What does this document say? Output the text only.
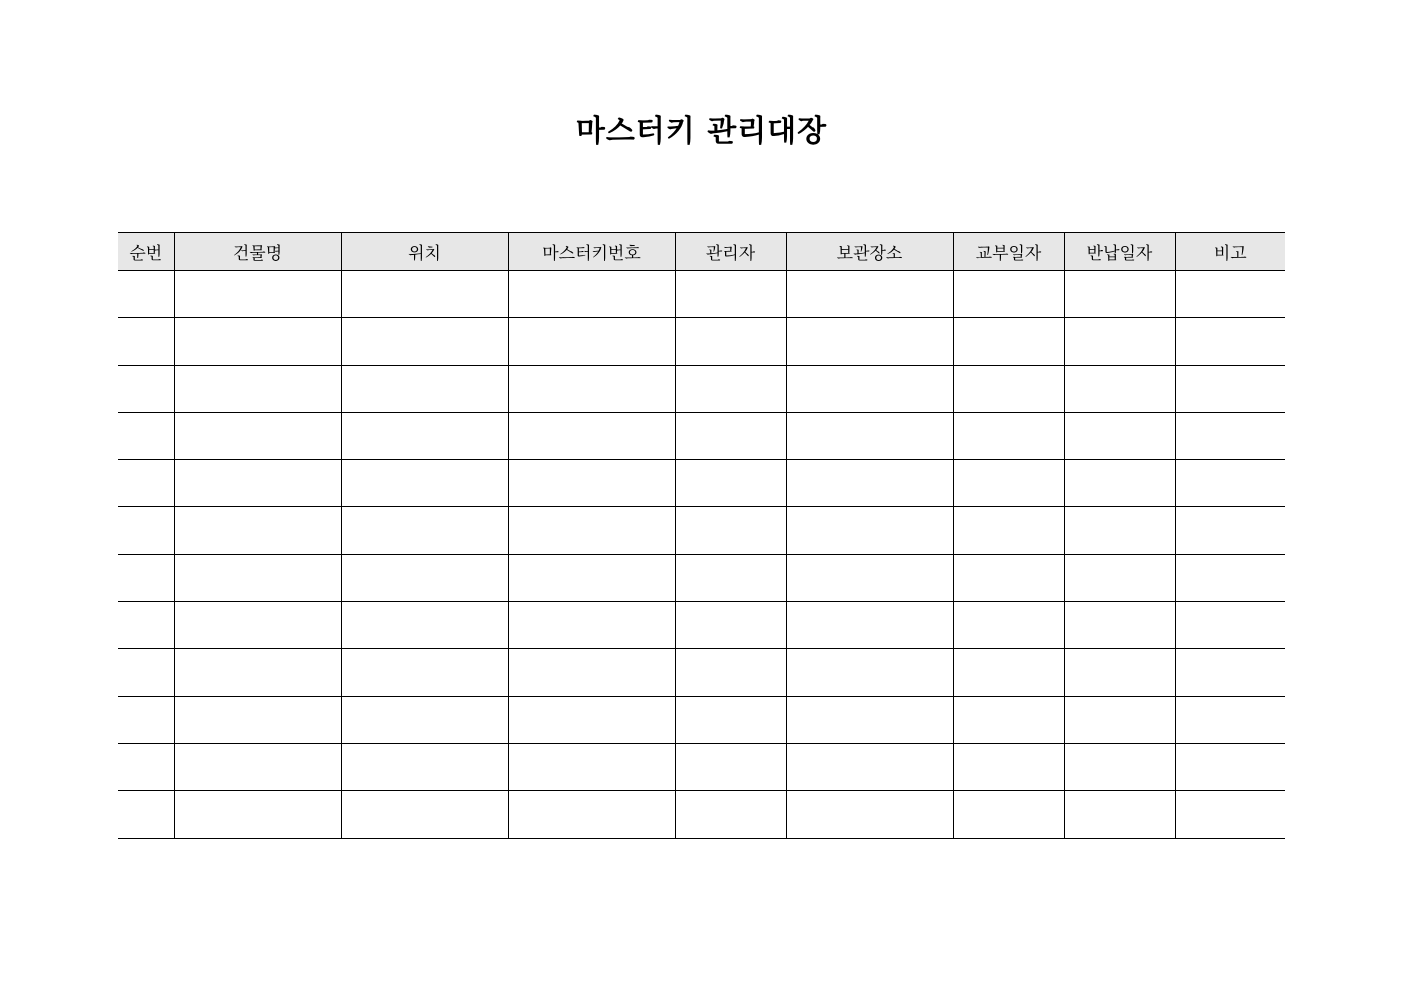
마스터키 관리대장
순번	건물명	위치	마스터키번호	관리자	보관장소	교부일자	반납일자	비고
